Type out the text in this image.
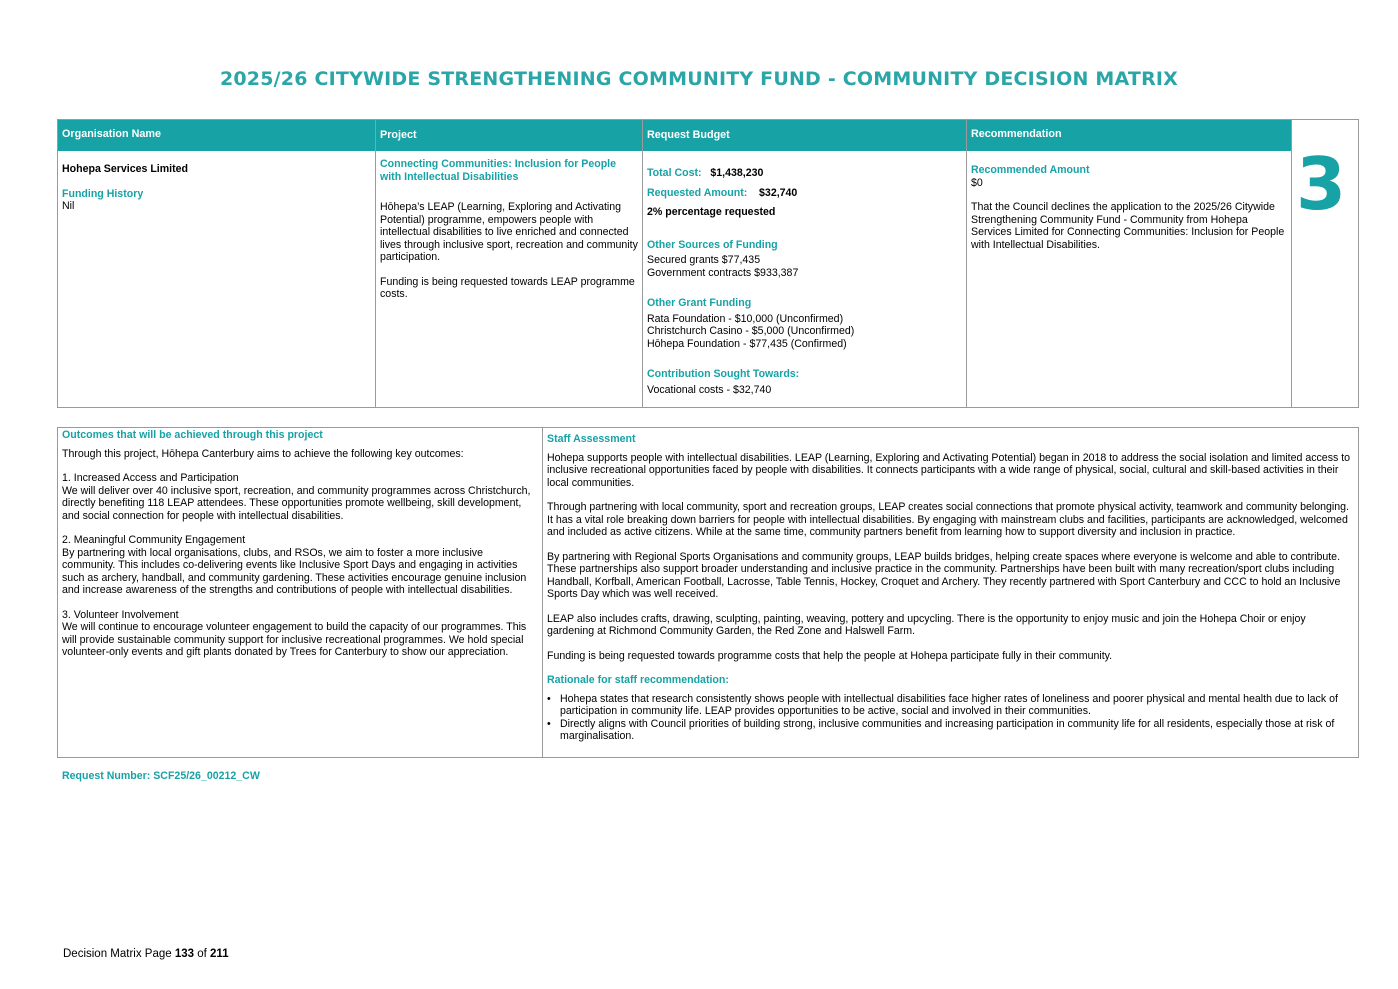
2025/26 CITYWIDE STRENGTHENING COMMUNITY FUND - COMMUNITY DECISION MATRIX
Organisation Name

Hohepa Services Limited

Funding History

Nil

Project

Connecting Communities: Inclusion for People with Intellectual Disabilities

Hōhepa’s LEAP (Learning, Exploring and Activating Potential) programme, empowers people with intellectual disabilities to live enriched and connected lives through inclusive sport, recreation and community participation.

Funding is being requested towards LEAP programme costs.

Request Budget

Total Cost: $1,438,230

Requested Amount: $32,740

2% percentage requested

Other Sources of Funding

Secured grants $77,435

Government contracts $933,387

Other Grant Funding

Rata Foundation - $10,000 (Unconfirmed)

Christchurch Casino - $5,000 (Unconfirmed)

Hōhepa Foundation - $77,435 (Confirmed)

Contribution Sought Towards:

Vocational costs - $32,740

Recommendation

Recommended Amount

$0

That the Council declines the application to the 2025/26 Citywide Strengthening Community Fund - Community from Hohepa Services Limited for Connecting Communities: Inclusion for People with Intellectual Disabilities.

3

Outcomes that will be achieved through this project

Through this project, Hōhepa Canterbury aims to achieve the following key outcomes:

1. Increased Access and Participation

We will deliver over 40 inclusive sport, recreation, and community programmes across Christchurch, directly benefiting 118 LEAP attendees. These opportunities promote wellbeing, skill development, and social connection for people with intellectual disabilities.

2. Meaningful Community Engagement

By partnering with local organisations, clubs, and RSOs, we aim to foster a more inclusive community. This includes co-delivering events like Inclusive Sport Days and engaging in activities such as archery, handball, and community gardening. These activities encourage genuine inclusion and increase awareness of the strengths and contributions of people with intellectual disabilities.

3. Volunteer Involvement

We will continue to encourage volunteer engagement to build the capacity of our programmes. This will provide sustainable community support for inclusive recreational programmes. We hold special volunteer-only events and gift plants donated by Trees for Canterbury to show our appreciation.

Staff Assessment

Hohepa supports people with intellectual disabilities. LEAP (Learning, Exploring and Activating Potential) began in 2018 to address the social isolation and limited access to inclusive recreational opportunities faced by people with disabilities. It connects participants with a wide range of physical, social, cultural and skill-based activities in their local communities.

Through partnering with local community, sport and recreation groups, LEAP creates social connections that promote physical activity, teamwork and community belonging. It has a vital role breaking down barriers for people with intellectual disabilities. By engaging with mainstream clubs and facilities, participants are acknowledged, welcomed and included as active citizens. While at the same time, community partners benefit from learning how to support diversity and inclusion in practice.

By partnering with Regional Sports Organisations and community groups, LEAP builds bridges, helping create spaces where everyone is welcome and able to contribute. These partnerships also support broader understanding and inclusive practice in the community. Partnerships have been built with many recreation/sport clubs including Handball, Korfball, American Football, Lacrosse, Table Tennis, Hockey, Croquet and Archery. They recently partnered with Sport Canterbury and CCC to hold an Inclusive Sports Day which was well received.

LEAP also includes crafts, drawing, sculpting, painting, weaving, pottery and upcycling. There is the opportunity to enjoy music and join the Hohepa Choir or enjoy gardening at Richmond Community Garden, the Red Zone and Halswell Farm.

Funding is being requested towards programme costs that help the people at Hohepa participate fully in their community.

Rationale for staff recommendation:

• Hohepa states that research consistently shows people with intellectual disabilities face higher rates of loneliness and poorer physical and mental health due to lack of participation in community life. LEAP provides opportunities to be active, social and involved in their communities.
• Directly aligns with Council priorities of building strong, inclusive communities and increasing participation in community life for all residents, especially those at risk of marginalisation.
Request Number: SCF25/26_00212_CW
Decision Matrix Page 133 of 211
